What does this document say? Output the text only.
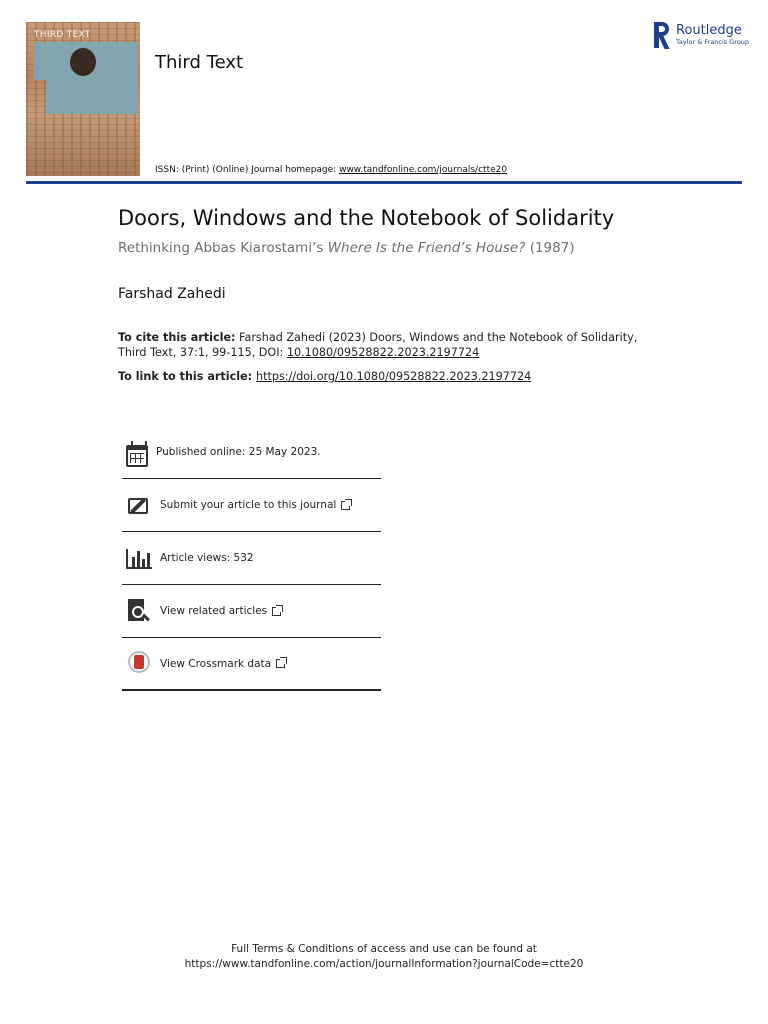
THIRD TEXT
Third Text
ISSN: (Print) (Online) Journal homepage: www.tandfonline.com/journals/ctte20
Routledge
Taylor & Francis Group
Doors, Windows and the Notebook of Solidarity
Rethinking Abbas Kiarostami’s Where Is the Friend’s House? (1987)
Farshad Zahedi
To cite this article: Farshad Zahedi (2023) Doors, Windows and the Notebook of Solidarity, Third Text, 37:1, 99-115, DOI: 10.1080/09528822.2023.2197724
To link to this article: https://doi.org/10.1080/09528822.2023.2197724
Published online: 25 May 2023.
Submit your article to this journal
Article views: 532
View related articles
View Crossmark data
Full Terms & Conditions of access and use can be found at
https://www.tandfonline.com/action/journalInformation?journalCode=ctte20
